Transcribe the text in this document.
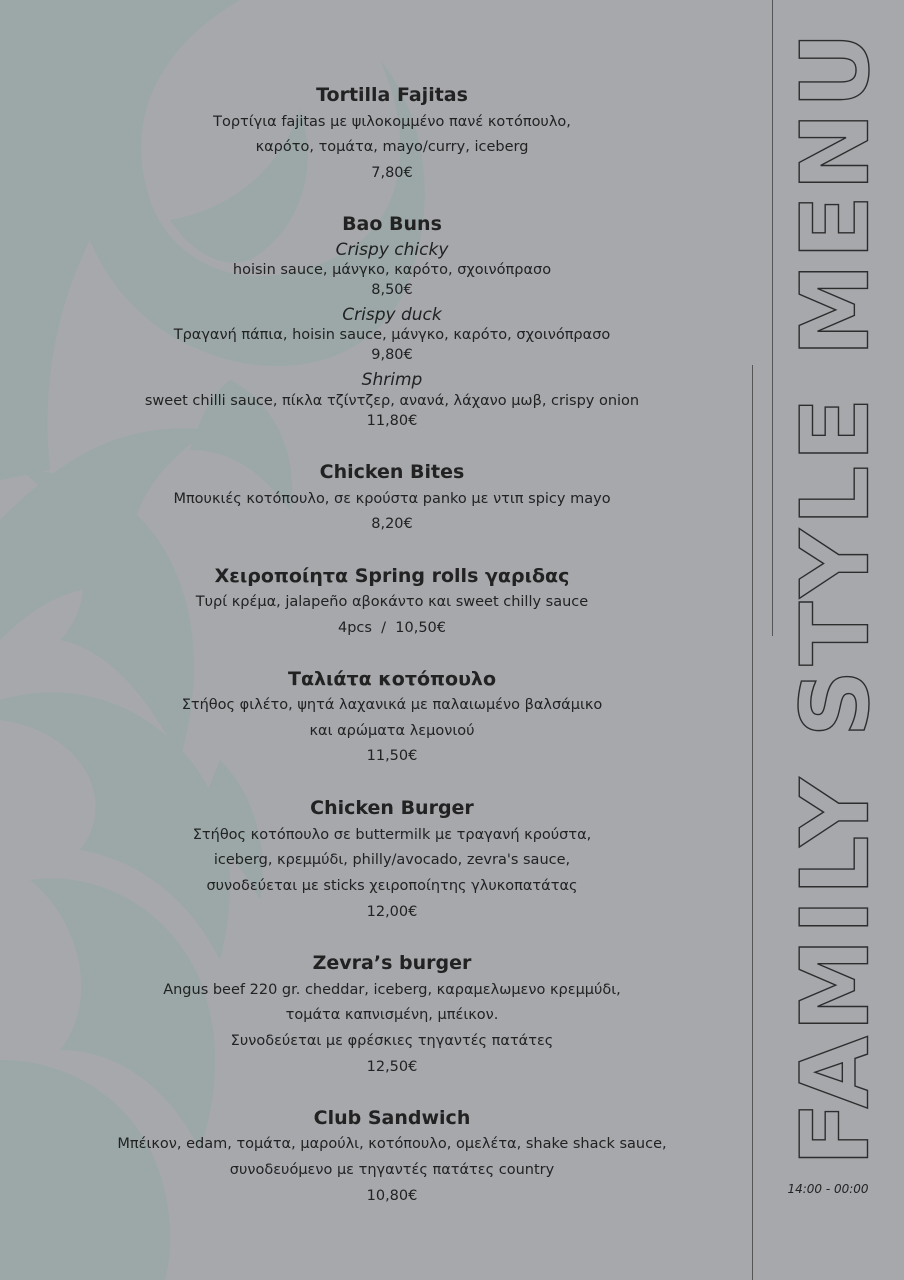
Tortilla Fajitas
Τορτίγια fajitas με ψιλοκομμένο πανέ κοτόπουλο,
καρότο, τομάτα, mayo/curry, iceberg
7,80€
Bao Buns
Crispy chicky
hoisin sauce, μάνγκο, καρότο, σχοινόπρασο
8,50€
Crispy duck
Τραγανή πάπια, hoisin sauce, μάνγκο, καρότο, σχοινόπρασο
9,80€
Shrimp
sweet chilli sauce, πίκλα τζίντζερ, ανανά, λάχανο μωβ, crispy onion
11,80€
Chicken Bites
Μπουκιές κοτόπουλο, σε κρούστα panko με ντιπ spicy mayo
8,20€
Χειροποίητα Spring rolls γαριδας
Τυρί κρέμα, jalapeño αβοκάντο και sweet chilly sauce
4pcs  /  10,50€
Ταλιάτα κοτόπουλο
Στήθος φιλέτο, ψητά λαχανικά με παλαιωμένο βαλσάμικο
και αρώματα λεμονιού
11,50€
Chicken Burger
Στήθος κοτόπουλο σε buttermilk με τραγανή κρούστα,
iceberg, κρεμμύδι, philly/avocado, zevra's sauce,
συνοδεύεται με sticks χειροποίητης γλυκοπατάτας
12,00€
Zevra’s burger
Angus beef 220 gr. cheddar, iceberg, καραμελωμενο κρεμμύδι,
τομάτα καπνισμένη, μπέικον.
Συνοδεύεται με φρέσκιες τηγαντές πατάτες
12,50€
Club Sandwich
Μπέικον, edam, τομάτα, μαρούλι, κοτόπουλο, ομελέτα, shake shack sauce,
συνοδευόμενο με τηγαντές πατάτες country
10,80€
FAMILY STYLE MENU
14:00 - 00:00
